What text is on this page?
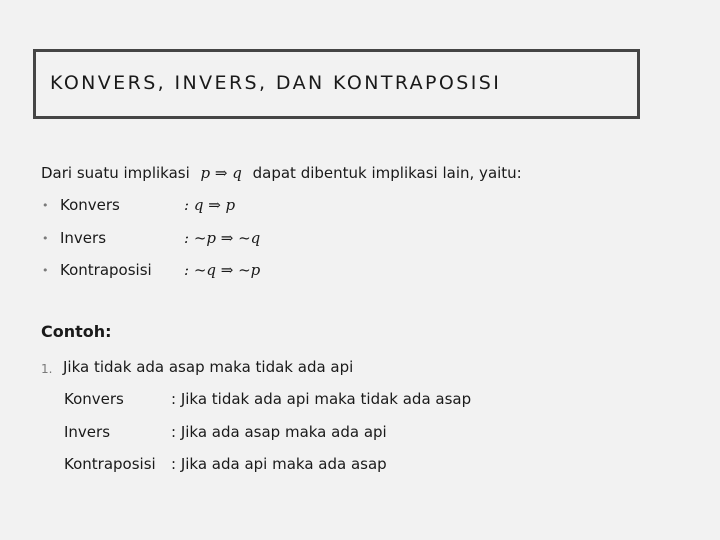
KONVERS, INVERS, DAN KONTRAPOSISI
Dari suatu implikasi p ⇒ q dapat dibentuk implikasi lain, yaitu:
• Konvers	: q ⇒ p
• Invers	: ~p ⇒ ~q
• Kontraposisi : ~q ⇒ ~p
Contoh:
1. Jika tidak ada asap maka tidak ada api
Konvers	: Jika tidak ada api maka tidak ada asap
Invers	: Jika ada asap maka ada api
Kontraposisi : Jika ada api maka ada asap
